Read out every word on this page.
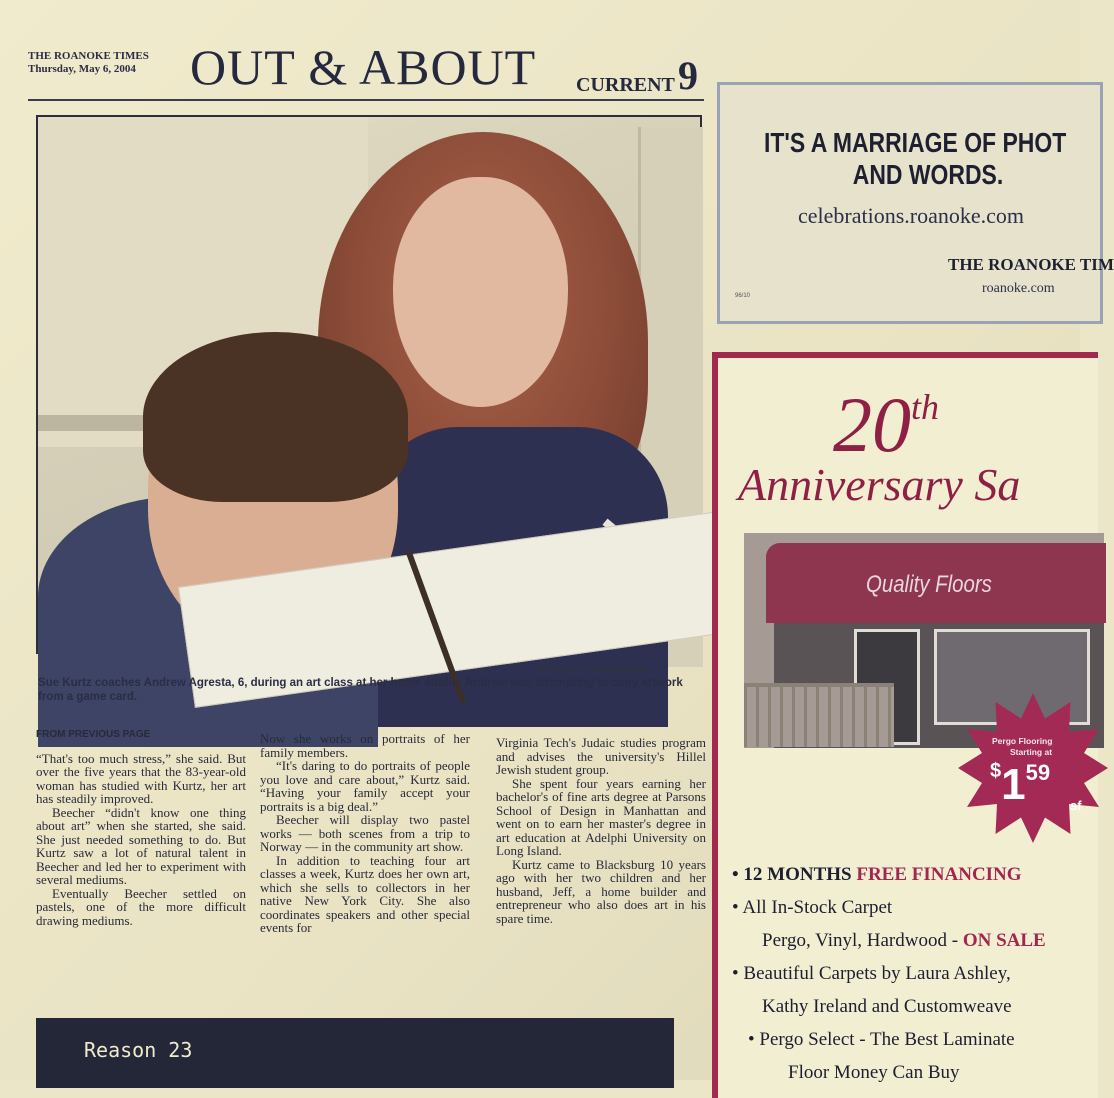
THE ROANOKE TIMES
Thursday, May 6, 2004 OUT & ABOUT CURRENT 9
MATT GENTRY | The Roanoke Times
Sue Kurtz coaches Andrew Agresta, 6, during an art class at her home studio. Andrew was attempting to copy artwork from a game card.
FROM PREVIOUS PAGE

“That's too much stress,” she said. But over the five years that the 83-year-old woman has studied with Kurtz, her art has steadily improved.

Beecher “didn't know one thing about art” when she started, she said. She just needed something to do. But Kurtz saw a lot of natural talent in Beecher and led her to experiment with several mediums.

Eventually Beecher settled on pastels, one of the more difficult drawing mediums.

Now she works on portraits of her family members.

“It's daring to do portraits of people you love and care about,” Kurtz said. “Having your family accept your portraits is a big deal.”

Beecher will display two pastel works — both scenes from a trip to Norway — in the community art show.

In addition to teaching four art classes a week, Kurtz does her own art, which she sells to collectors in her native New York City. She also coordinates speakers and other special events for

Virginia Tech's Judaic studies program and advises the university's Hillel Jewish student group.

She spent four years earning her bachelor's of fine arts degree at Parsons School of Design in Manhattan and went on to earn her master's degree in art education at Adelphi University on Long Island.

Kurtz came to Blacksburg 10 years ago with her two children and her husband, Jeff, a home builder and entrepreneur who also does art in his spare time.

Reason 23
IT'S A MARRIAGE OF PHOT
AND WORDS.
celebrations.roanoke.com
THE ROANOKE TIM
roanoke.com
96/10
20th
Anniversary Sa
Quality Floors
Pergo Flooring
Starting at
$159
sf
• 12 MONTHS FREE FINANCING
• All In-Stock Carpet
Pergo, Vinyl, Hardwood - ON SALE
• Beautiful Carpets by Laura Ashley,
Kathy Ireland and Customweave
• Pergo Select - The Best Laminate
Floor Money Can Buy
